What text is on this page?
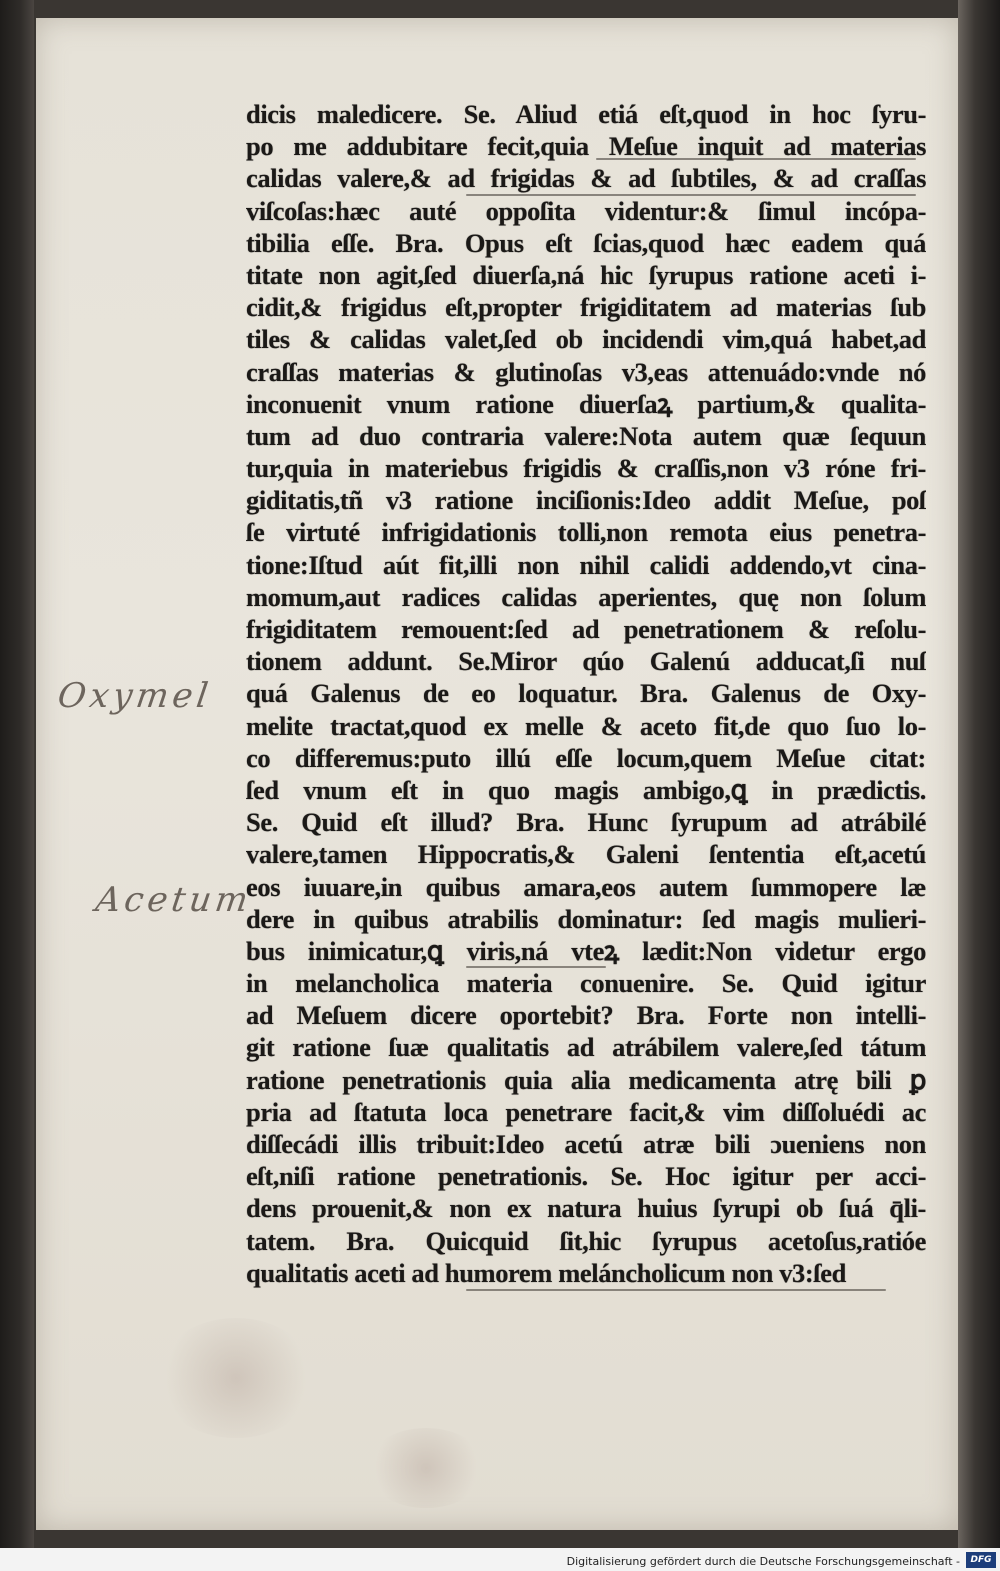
Oxymel
Acetum
dicis maledicere. Se. Aliud etiá eſt,quod in hoc ſyru-
po me addubitare fecit,quia Meſue inquit ad materias
calidas valere,& ad frigidas & ad ſubtiles, & ad craſſas
viſcoſas:hæc auté oppoſita videntur:& ſimul incópa-
tibilia eſſe. Bra. Opus eſt ſcias,quod hæc eadem quá
titate non agit,ſed diuerſa,ná hic ſyrupus ratione aceti i-
cidit,& frigidus eſt,propter frigiditatem ad materias ſub
tiles & calidas valet,ſed ob incidendi vim,quá habet,ad
craſſas materias & glutinoſas v3,eas attenuádo:vnde nó
inconuenit vnum ratione diuerſaꝝ partium,& qualita-
tum ad duo contraria valere:Nota autem quæ ſequun
tur,quia in materiebus frigidis & craſſis,non v3 róne fri-
giditatis,tñ v3 ratione inciſionis:Ideo addit Meſue, poſ
ſe virtuté infrigidationis tolli,non remota eius penetra-
tione:Iſtud aút fit,illi non nihil calidi addendo,vt cina-
momum,aut radices calidas aperientes, quę non ſolum
frigiditatem remouent:ſed ad penetrationem & reſolu-
tionem addunt. Se.Miror qúo Galenú adducat,ſi nuſ
quá Galenus de eo loquatur. Bra. Galenus de Oxy-
melite tractat,quod ex melle & aceto fit,de quo ſuo lo-
co differemus:puto illú eſſe locum,quem Meſue citat:
ſed vnum eſt in quo magis ambigo,ꝗ in prædictis.
Se. Quid eſt illud? Bra. Hunc ſyrupum ad atrábilé
valere,tamen Hippocratis,& Galeni ſententia eſt,acetú
eos iuuare,in quibus amara,eos autem ſummopere læ
dere in quibus atrabilis dominatur: ſed magis mulieri-
bus inimicatur,ꝗ viris,ná vteꝝ lædit:Non videtur ergo
in melancholica materia conuenire. Se. Quid igitur
ad Meſuem dicere oportebit? Bra. Forte non intelli-
git ratione ſuæ qualitatis ad atrábilem valere,ſed tátum
ratione penetrationis quia alia medicamenta atrę bili ꝑ
pria ad ſtatuta loca penetrare facit,& vim diſſoluédi ac
diſſecádi illis tribuit:Ideo acetú atræ bili ɔueniens non
eſt,niſi ratione penetrationis. Se. Hoc igitur per acci-
dens prouenit,& non ex natura huius ſyrupi ob ſuá q̄li-
tatem. Bra. Quicquid ſit,hic ſyrupus acetoſus,ratióe
qualitatis aceti ad humorem meláncholicum non v3:ſed
Digitalisierung gefördert durch die Deutsche Forschungsgemeinschaft -	DFG
